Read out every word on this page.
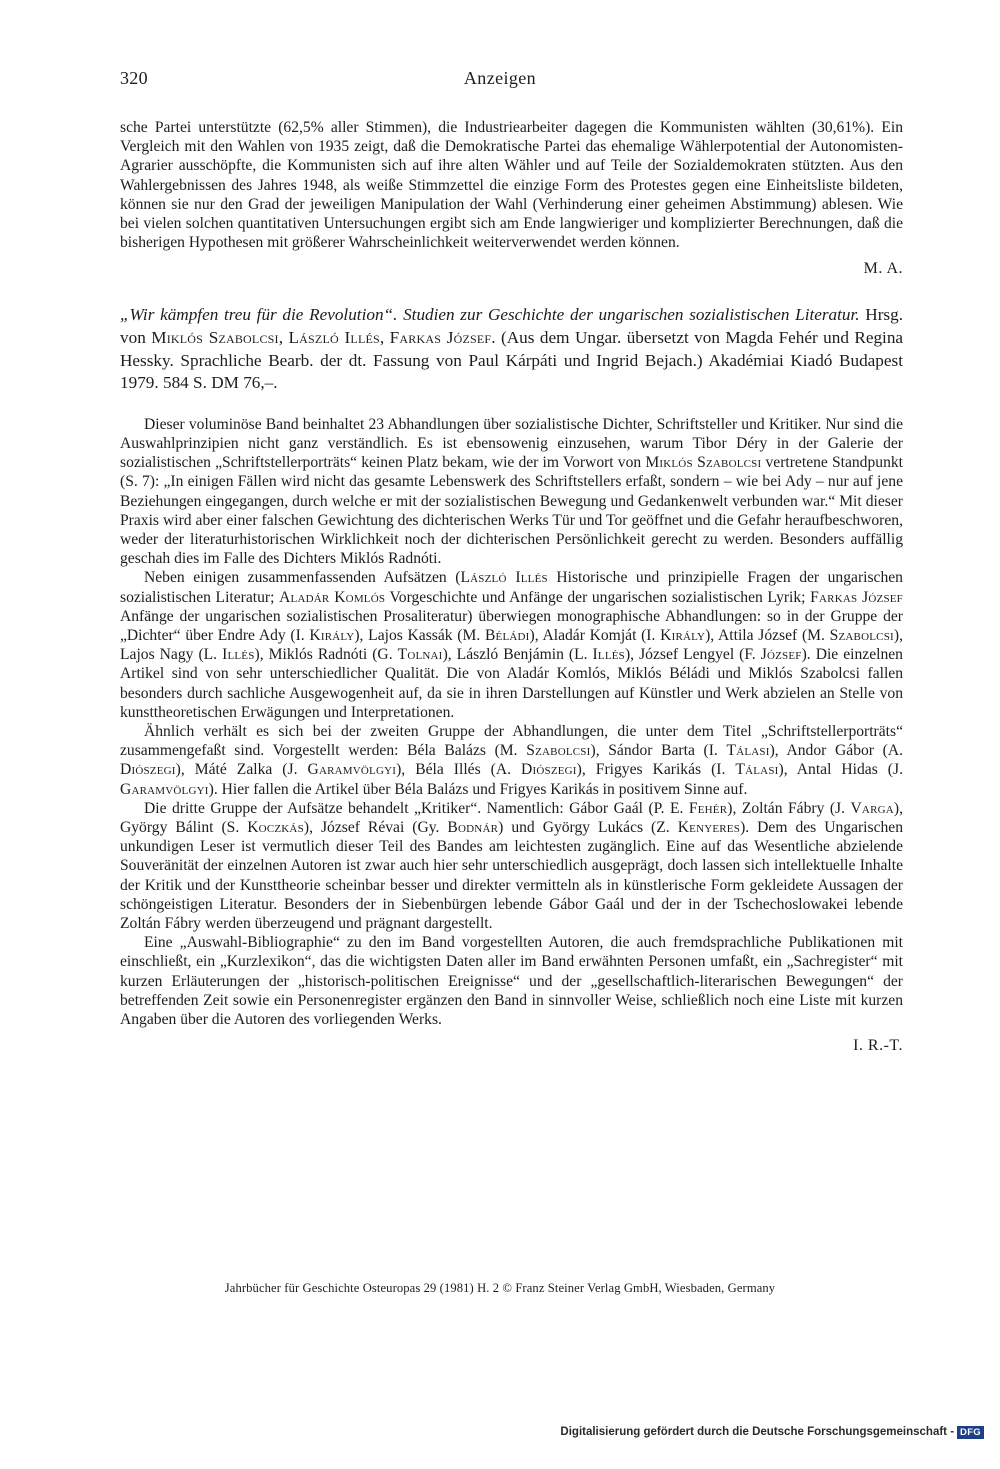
320	Anzeigen

sche Partei unterstützte (62,5% aller Stimmen), die Industriearbeiter dagegen die Kommunisten wählten (30,61%). Ein Vergleich mit den Wahlen von 1935 zeigt, daß die Demokratische Partei das ehemalige Wählerpotential der Autonomisten-Agrarier ausschöpfte, die Kommunisten sich auf ihre alten Wähler und auf Teile der Sozialdemokraten stützten. Aus den Wahlergebnissen des Jahres 1948, als weiße Stimmzettel die einzige Form des Protestes gegen eine Einheitsliste bildeten, können sie nur den Grad der jeweiligen Manipulation der Wahl (Verhinderung einer geheimen Abstimmung) ablesen. Wie bei vielen solchen quantitativen Untersuchungen ergibt sich am Ende langwieriger und komplizierter Berechnungen, daß die bisherigen Hypothesen mit größerer Wahrscheinlichkeit weiterverwendet werden können.

M. A.

„Wir kämpfen treu für die Revolution“. Studien zur Geschichte der ungarischen sozialistischen Literatur. Hrsg. von Miklós Szabolcsi, László Illés, Farkas József. (Aus dem Ungar. übersetzt von Magda Fehér und Regina Hessky. Sprachliche Bearb. der dt. Fassung von Paul Kárpáti und Ingrid Bejach.) Akadémiai Kiadó Budapest 1979. 584 S. DM 76,–.

Dieser voluminöse Band beinhaltet 23 Abhandlungen über sozialistische Dichter, Schriftsteller und Kritiker. Nur sind die Auswahlprinzipien nicht ganz verständlich. Es ist ebensowenig einzusehen, warum Tibor Déry in der Galerie der sozialistischen „Schriftstellerporträts“ keinen Platz bekam, wie der im Vorwort von Miklós Szabolcsi vertretene Standpunkt (S. 7): „In einigen Fällen wird nicht das gesamte Lebenswerk des Schriftstellers erfaßt, sondern – wie bei Ady – nur auf jene Beziehungen eingegangen, durch welche er mit der sozialistischen Bewegung und Gedankenwelt verbunden war.“ Mit dieser Praxis wird aber einer falschen Gewichtung des dichterischen Werks Tür und Tor geöffnet und die Gefahr heraufbeschworen, weder der literaturhistorischen Wirklichkeit noch der dichterischen Persönlichkeit gerecht zu werden. Besonders auffällig geschah dies im Falle des Dichters Miklós Radnóti.

Neben einigen zusammenfassenden Aufsätzen (László Illés Historische und prinzipielle Fragen der ungarischen sozialistischen Literatur; Aladár Komlós Vorgeschichte und Anfänge der ungarischen sozialistischen Lyrik; Farkas József Anfänge der ungarischen sozialistischen Prosaliteratur) überwiegen monographische Abhandlungen: so in der Gruppe der „Dichter“ über Endre Ady (I. Király), Lajos Kassák (M. Béládi), Aladár Komját (I. Király), Attila József (M. Szabolcsi), Lajos Nagy (L. Illés), Miklós Radnóti (G. Tolnai), László Benjámin (L. Illés), József Lengyel (F. József). Die einzelnen Artikel sind von sehr unterschiedlicher Qualität. Die von Aladár Komlós, Miklós Béládi und Miklós Szabolcsi fallen besonders durch sachliche Ausgewogenheit auf, da sie in ihren Darstellungen auf Künstler und Werk abzielen an Stelle von kunsttheoretischen Erwägungen und Interpretationen.

Ähnlich verhält es sich bei der zweiten Gruppe der Abhandlungen, die unter dem Titel „Schriftstellerporträts“ zusammengefaßt sind. Vorgestellt werden: Béla Balázs (M. Szabolcsi), Sándor Barta (I. Tálasi), Andor Gábor (A. Diószegi), Máté Zalka (J. Garamvölgyi), Béla Illés (A. Diószegi), Frigyes Karikás (I. Tálasi), Antal Hidas (J. Garamvölgyi). Hier fallen die Artikel über Béla Balázs und Frigyes Karikás in positivem Sinne auf.

Die dritte Gruppe der Aufsätze behandelt „Kritiker“. Namentlich: Gábor Gaál (P. E. Fehér), Zoltán Fábry (J. Varga), György Bálint (S. Koczkás), József Révai (Gy. Bodnár) und György Lukács (Z. Kenyeres). Dem des Ungarischen unkundigen Leser ist vermutlich dieser Teil des Bandes am leichtesten zugänglich. Eine auf das Wesentliche abzielende Souveränität der einzelnen Autoren ist zwar auch hier sehr unterschiedlich ausgeprägt, doch lassen sich intellektuelle Inhalte der Kritik und der Kunsttheorie scheinbar besser und direkter vermitteln als in künstlerische Form gekleidete Aussagen der schöngeistigen Literatur. Besonders der in Siebenbürgen lebende Gábor Gaál und der in der Tschechoslowakei lebende Zoltán Fábry werden überzeugend und prägnant dargestellt.

Eine „Auswahl-Bibliographie“ zu den im Band vorgestellten Autoren, die auch fremdsprachliche Publikationen mit einschließt, ein „Kurzlexikon“, das die wichtigsten Daten aller im Band erwähnten Personen umfaßt, ein „Sachregister“ mit kurzen Erläuterungen der „historisch-politischen Ereignisse“ und der „gesellschaftlich-literarischen Bewegungen“ der betreffenden Zeit sowie ein Personenregister ergänzen den Band in sinnvoller Weise, schließlich noch eine Liste mit kurzen Angaben über die Autoren des vorliegenden Werks.

I. R.-T.

Jahrbücher für Geschichte Osteuropas 29 (1981) H. 2 © Franz Steiner Verlag GmbH, Wiesbaden, Germany
Digitalisierung gefördert durch die Deutsche Forschungsgemeinschaft - DFG
